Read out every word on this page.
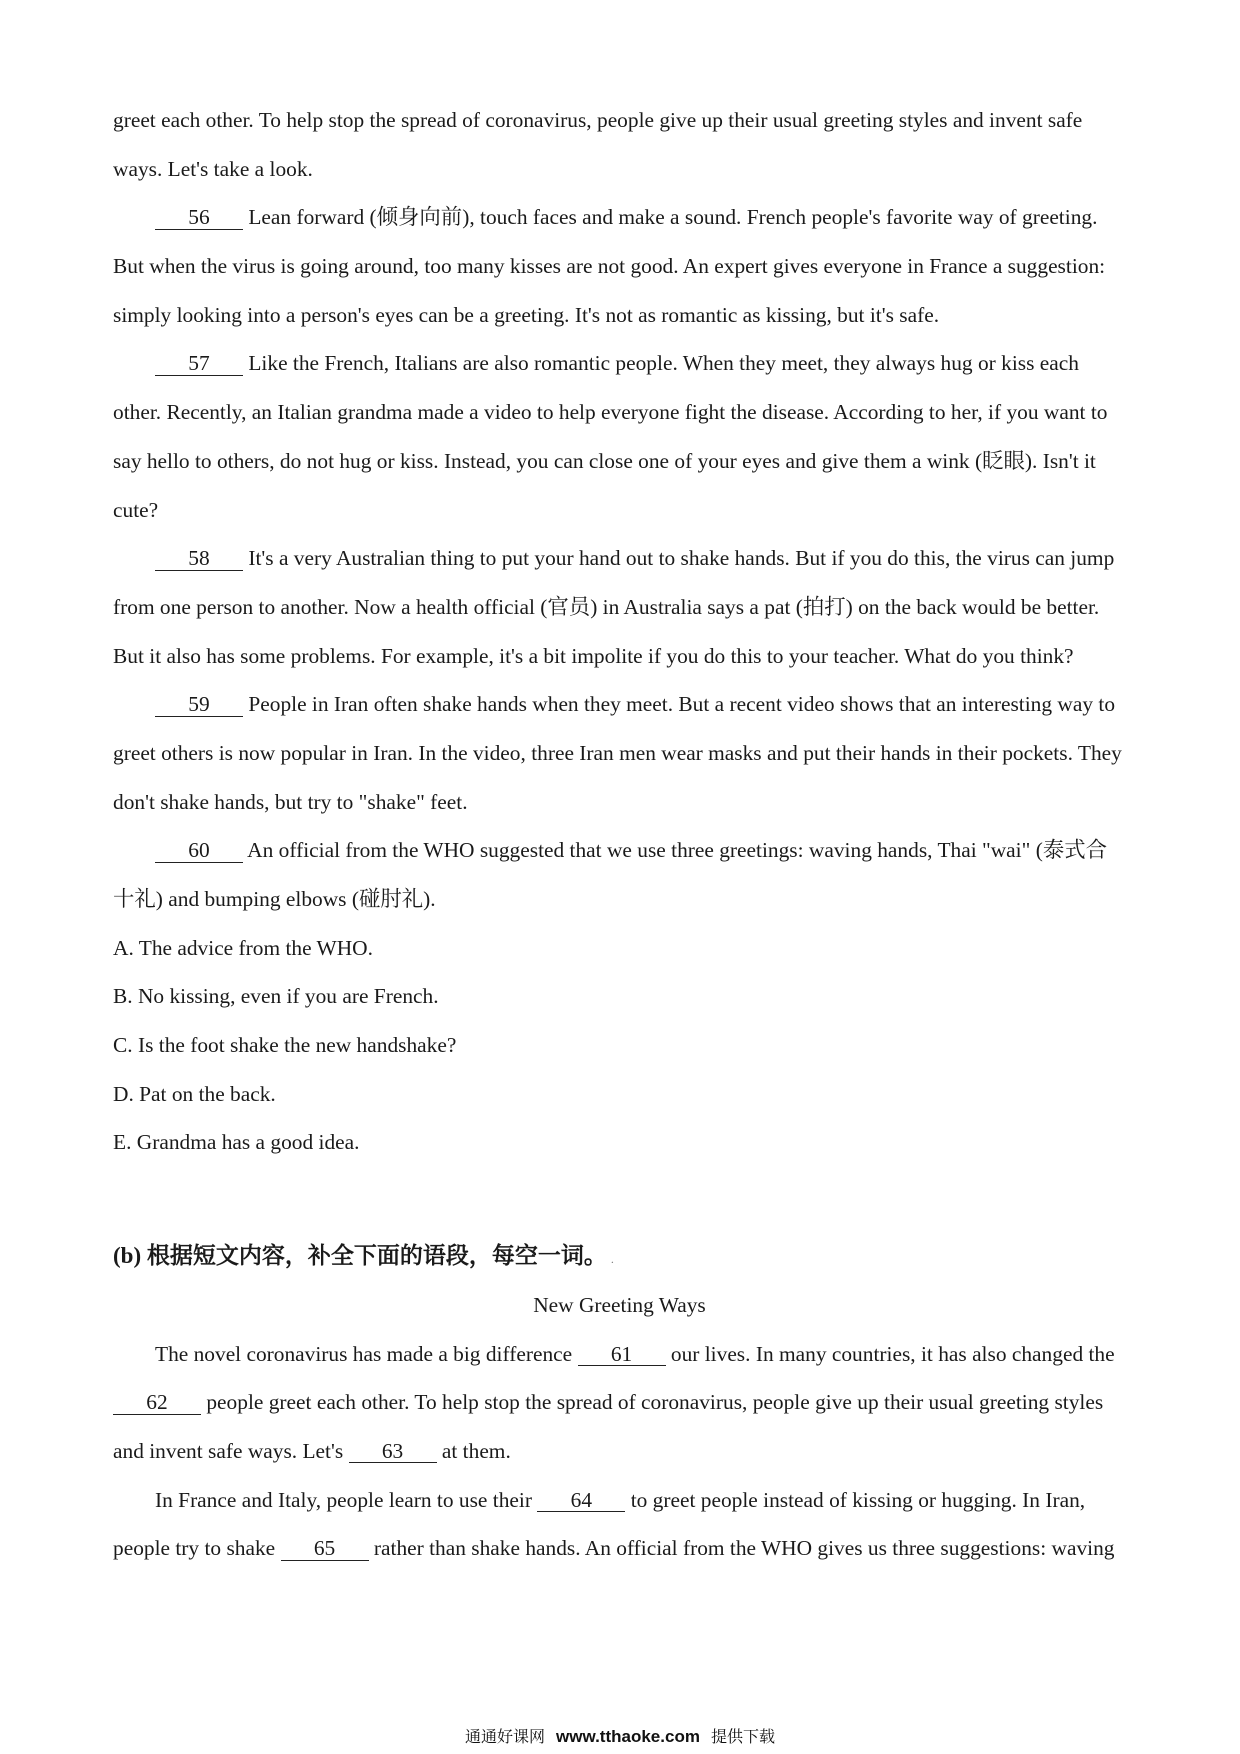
greet each other. To help stop the spread of coronavirus, people give up their usual greeting styles and invent safe
ways. Let's take a look.
56 Lean forward (倾身向前), touch faces and make a sound. French people's favorite way of greeting.
But when the virus is going around, too many kisses are not good. An expert gives everyone in France a suggestion:
simply looking into a person's eyes can be a greeting. It's not as romantic as kissing, but it's safe.
57 Like the French, Italians are also romantic people. When they meet, they always hug or kiss each
other. Recently, an Italian grandma made a video to help everyone fight the disease. According to her, if you want to
say hello to others, do not hug or kiss. Instead, you can close one of your eyes and give them a wink (眨眼). Isn't it
cute?
58 It's a very Australian thing to put your hand out to shake hands. But if you do this, the virus can jump
from one person to another. Now a health official (官员) in Australia says a pat (拍打) on the back would be better.
But it also has some problems. For example, it's a bit impolite if you do this to your teacher. What do you think?
59 People in Iran often shake hands when they meet. But a recent video shows that an interesting way to
greet others is now popular in Iran. In the video, three Iran men wear masks and put their hands in their pockets. They
don't shake hands, but try to "shake" feet.
60 An official from the WHO suggested that we use three greetings: waving hands, Thai "wai" (泰式合
十礼) and bumping elbows (碰肘礼).
A. The advice from the WHO.
B. No kissing, even if you are French.
C. Is the foot shake the new handshake?
D. Pat on the back.
E. Grandma has a good idea.
(b) 根据短文内容，补全下面的语段，每空一词。 .
New Greeting Ways
The novel coronavirus has made a big difference 61 our lives. In many countries, it has also changed the
62 people greet each other. To help stop the spread of coronavirus, people give up their usual greeting styles
and invent safe ways. Let's 63 at them.
In France and Italy, people learn to use their 64 to greet people instead of kissing or hugging. In Iran,
people try to shake 65 rather than shake hands. An official from the WHO gives us three suggestions: waving
通通好课网 www.tthaoke.com 提供下载
